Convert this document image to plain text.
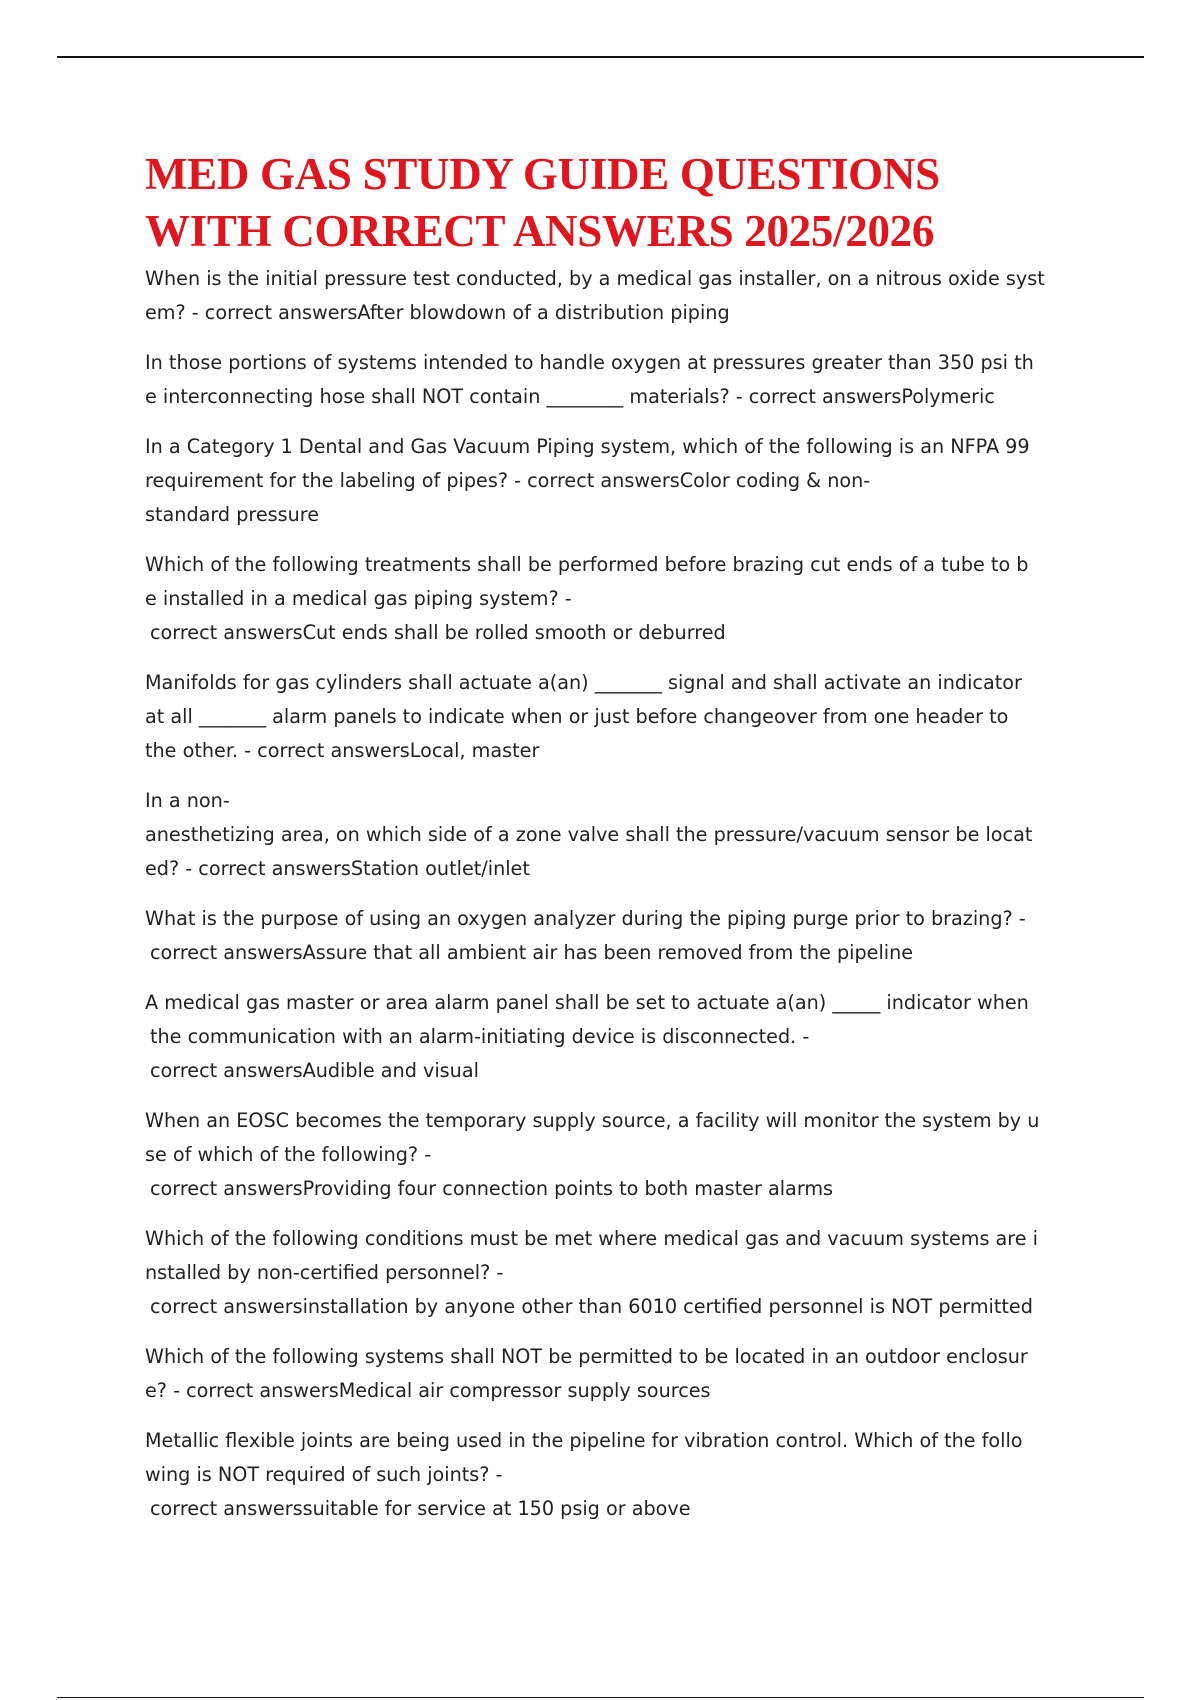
MED GAS STUDY GUIDE QUESTIONS
WITH CORRECT ANSWERS 2025/2026

When is the initial pressure test conducted, by a medical gas installer, on a nitrous oxide syst
em? - correct answersAfter blowdown of a distribution piping

In those portions of systems intended to handle oxygen at pressures greater than 350 psi th
e interconnecting hose shall NOT contain ________ materials? - correct answersPolymeric

In a Category 1 Dental and Gas Vacuum Piping system, which of the following is an NFPA 99
requirement for the labeling of pipes? - correct answersColor coding & non-
standard pressure

Which of the following treatments shall be performed before brazing cut ends of a tube to b
e installed in a medical gas piping system? -
correct answersCut ends shall be rolled smooth or deburred

Manifolds for gas cylinders shall actuate a(an) _______ signal and shall activate an indicator
at all _______ alarm panels to indicate when or just before changeover from one header to
the other. - correct answersLocal, master

In a non-
anesthetizing area, on which side of a zone valve shall the pressure/vacuum sensor be locat
ed? - correct answersStation outlet/inlet

What is the purpose of using an oxygen analyzer during the piping purge prior to brazing? -
correct answersAssure that all ambient air has been removed from the pipeline

A medical gas master or area alarm panel shall be set to actuate a(an) _____ indicator when
the communication with an alarm-initiating device is disconnected. -
correct answersAudible and visual

When an EOSC becomes the temporary supply source, a facility will monitor the system by u
se of which of the following? -
correct answersProviding four connection points to both master alarms

Which of the following conditions must be met where medical gas and vacuum systems are i
nstalled by non-certified personnel? -
correct answersinstallation by anyone other than 6010 certified personnel is NOT permitted

Which of the following systems shall NOT be permitted to be located in an outdoor enclosur
e? - correct answersMedical air compressor supply sources

Metallic flexible joints are being used in the pipeline for vibration control. Which of the follo
wing is NOT required of such joints? -
correct answerssuitable for service at 150 psig or above
